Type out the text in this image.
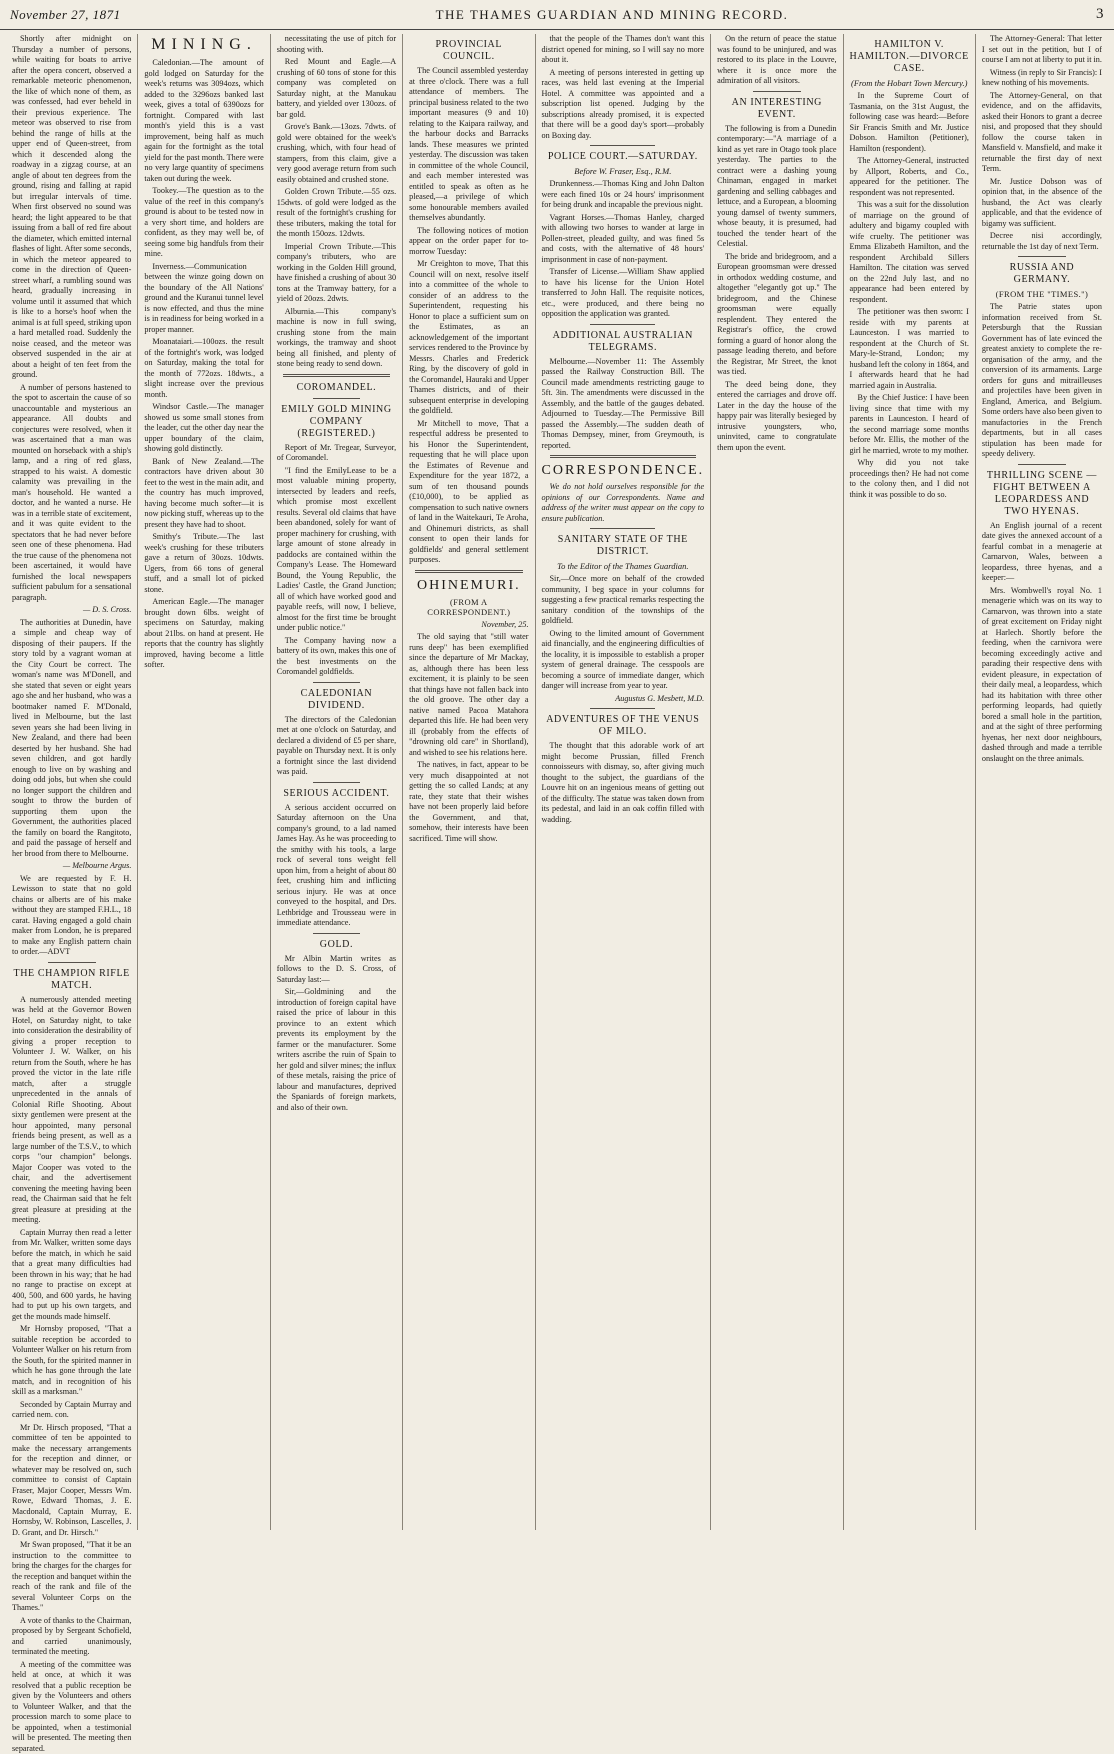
November 27, 1871	THE THAMES GUARDIAN AND MINING RECORD.	3

Shortly after midnight on Thursday a number of persons, while waiting for boats to arrive after the opera concert, observed a remarkable meteoric phenomenon, the like of which none of them, as was confessed, had ever beheld in their previous experience. The meteor was observed to rise from behind the range of hills at the upper end of Queen-street, from which it descended along the roadway in a zigzag course, at an angle of about ten degrees from the ground, rising and falling at rapid but irregular intervals of time. When first observed no sound was heard; the light appeared to be that issuing from a ball of red fire about the diameter, which emitted internal flashes of light. After some seconds, in which the meteor appeared to come in the direction of Queen-street wharf, a rumbling sound was heard, gradually increasing in volume until it assumed that which is like to a horse's hoof when the animal is at full speed, striking upon a hard metalled road. Suddenly the noise ceased, and the meteor was observed suspended in the air at about a height of ten feet from the ground.

A number of persons hastened to the spot to ascertain the cause of so unaccountable and mysterious an appearance. All doubts and conjectures were resolved, when it was ascertained that a man was mounted on horseback with a ship's lamp, and a ring of red glass, strapped to his waist. A domestic calamity was prevailing in the man's household. He wanted a doctor, and he wanted a nurse. He was in a terrible state of excitement, and it was quite evident to the spectators that he had never before seen one of these phenomena. Had the true cause of the phenomena not been ascertained, it would have furnished the local newspapers sufficient pabulum for a sensational paragraph.

— D. S. Cross.

The authorities at Dunedin, have a simple and cheap way of disposing of their paupers. If the story told by a vagrant woman at the City Court be correct. The woman's name was M'Donell, and she stated that seven or eight years ago she and her husband, who was a bootmaker named F. M'Donald, lived in Melbourne, but the last seven years she had been living in New Zealand, and there had been deserted by her husband. She had seven children, and got hardly enough to live on by washing and doing odd jobs, but when she could no longer support the children and sought to throw the burden of supporting them upon the Government, the authorities placed the family on board the Rangitoto, and paid the passage of herself and her brood from there to Melbourne.

— Melbourne Argus.

We are requested by F. H. Lewisson to state that no gold chains or alberts are of his make without they are stamped F.H.L., 18 carat. Having engaged a gold chain maker from London, he is prepared to make any English pattern chain to order.—ADVT

THE CHAMPION RIFLE MATCH.

A numerously attended meeting was held at the Governor Bowen Hotel, on Saturday night, to take into consideration the desirability of giving a proper reception to Volunteer J. W. Walker, on his return from the South, where he has proved the victor in the late rifle match, after a struggle unprecedented in the annals of Colonial Rifle Shooting. About sixty gentlemen were present at the hour appointed, many personal friends being present, as well as a large number of the T.S.V., to which corps "our champion" belongs. Major Cooper was voted to the chair, and the advertisement convening the meeting having been read, the Chairman said that he felt great pleasure at presiding at the meeting.

Captain Murray then read a letter from Mr. Walker, written some days before the match, in which he said that a great many difficulties had been thrown in his way; that he had no range to practise on except at 400, 500, and 600 yards, he having had to put up his own targets, and get the mounds made himself.

Mr Hornsby proposed, "That a suitable reception be accorded to Volunteer Walker on his return from the South, for the spirited manner in which he has gone through the late match, and in recognition of his skill as a marksman."

Seconded by Captain Murray and carried nem. con.

Mr Dr. Hirsch proposed, "That a committee of ten be appointed to make the necessary arrangements for the reception and dinner, or whatever may be resolved on, such committee to consist of Captain Fraser, Major Cooper, Messrs Wm. Rowe, Edward Thomas, J. E. Macdonald, Captain Murray, E. Hornsby, W. Robinson, Lascelles, J. D. Grant, and Dr. Hirsch."

Mr Swan proposed, "That it be an instruction to the committee to bring the charges for the charges for the reception and banquet within the reach of the rank and file of the several Volunteer Corps on the Thames."

A vote of thanks to the Chairman, proposed by by Sergeant Schofield, and carried unanimously, terminated the meeting.

A meeting of the committee was held at once, at which it was resolved that a public reception be given by the Volunteers and others to Volunteer Walker, and that the procession march to some place to be appointed, when a testimonial will be presented. The meeting then separated.

MINING.

Caledonian.—The amount of gold lodged on Saturday for the week's returns was 3094ozs, which added to the 3296ozs banked last week, gives a total of 6390ozs for fortnight. Compared with last month's yield this is a vast improvement, being half as much again for the fortnight as the total yield for the past month. There were no very large quantity of specimens taken out during the week.

Tookey.—The question as to the value of the reef in this company's ground is about to be tested now in a very short time, and holders are confident, as they may well be, of seeing some big handfuls from their mine.

Inverness.—Communication between the winze going down on the boundary of the All Nations' ground and the Kuranui tunnel level is now effected, and thus the mine is in readiness for being worked in a proper manner.

Moanataiari.—100ozs. the result of the fortnight's work, was lodged on Saturday, making the total for the month of 772ozs. 18dwts., a slight increase over the previous month.

Windsor Castle.—The manager showed us some small stones from the leader, cut the other day near the upper boundary of the claim, showing gold distinctly.

Bank of New Zealand.—The contractors have driven about 30 feet to the west in the main adit, and the country has much improved, having become much softer—it is now picking stuff, whereas up to the present they have had to shoot.

Smithy's Tribute.—The last week's crushing for these tributers gave a return of 30ozs. 10dwts. Ugers, from 66 tons of general stuff, and a small lot of picked stone.

American Eagle.—The manager brought down 6lbs. weight of specimens on Saturday, making about 21lbs. on hand at present. He reports that the country has slightly improved, having become a little softer.

necessitating the use of pitch for shooting with.

Red Mount and Eagle.—A crushing of 60 tons of stone for this company was completed on Saturday night, at the Manukau battery, and yielded over 130ozs. of bar gold.

Grove's Bank.—13ozs. 7dwts. of gold were obtained for the week's crushing, which, with four head of stampers, from this claim, give a very good average return from such easily obtained and crushed stone.

Golden Crown Tribute.—55 ozs. 15dwts. of gold were lodged as the result of the fortnight's crushing for these tributers, making the total for the month 150ozs. 12dwts.

Imperial Crown Tribute.—This company's tributers, who are working in the Golden Hill ground, have finished a crushing of about 30 tons at the Tramway battery, for a yield of 20ozs. 2dwts.

Alburnia.—This company's machine is now in full swing, crushing stone from the main workings, the tramway and shoot being all finished, and plenty of stone being ready to send down.

COROMANDEL.
EMILY GOLD MINING COMPANY (REGISTERED.)

Report of Mr. Tregear, Surveyor, of Coromandel.

"I find the EmilyLease to be a most valuable mining property, intersected by leaders and reefs, which promise most excellent results. Several old claims that have been abandoned, solely for want of proper machinery for crushing, with large amount of stone already in paddocks are contained within the Company's Lease. The Homeward Bound, the Young Republic, the Ladies' Castle, the Grand Junction; all of which have worked good and payable reefs, will now, I believe, almost for the first time be brought under public notice."

The Company having now a battery of its own, makes this one of the best investments on the Coromandel goldfields.

CALEDONIAN DIVIDEND.

The directors of the Caledonian met at one o'clock on Saturday, and declared a dividend of £5 per share, payable on Thursday next. It is only a fortnight since the last dividend was paid.

SERIOUS ACCIDENT.

A serious accident occurred on Saturday afternoon on the Una company's ground, to a lad named James Hay. As he was proceeding to the smithy with his tools, a large rock of several tons weight fell upon him, from a height of about 80 feet, crushing him and inflicting serious injury. He was at once conveyed to the hospital, and Drs. Lethbridge and Trousseau were in immediate attendance.

GOLD.

Mr Albin Martin writes as follows to the D. S. Cross, of Saturday last:—

Sir,—Goldmining and the introduction of foreign capital have raised the price of labour in this province to an extent which prevents its employment by the farmer or the manufacturer. Some writers ascribe the ruin of Spain to her gold and silver mines; the influx of these metals, raising the price of labour and manufactures, deprived the Spaniards of foreign markets, and also of their own.

PROVINCIAL COUNCIL.

The Council assembled yesterday at three o'clock. There was a full attendance of members. The principal business related to the two important measures (9 and 10) relating to the Kaipara railway, and the harbour docks and Barracks lands. These measures we printed yesterday. The discussion was taken in committee of the whole Council, and each member interested was entitled to speak as often as he pleased,—a privilege of which some honourable members availed themselves abundantly.

The following notices of motion appear on the order paper for to-morrow Tuesday:

Mr Creighton to move, That this Council will on next, resolve itself into a committee of the whole to consider of an address to the Superintendent, requesting his Honor to place a sufficient sum on the Estimates, as an acknowledgement of the important services rendered to the Province by Messrs. Charles and Frederick Ring, by the discovery of gold in the Coromandel, Hauraki and Upper Thames districts, and of their subsequent enterprise in developing the goldfield.

Mr Mitchell to move, That a respectful address be presented to his Honor the Superintendent, requesting that he will place upon the Estimates of Revenue and Expenditure for the year 1872, a sum of ten thousand pounds (£10,000), to be applied as compensation to such native owners of land in the Waitekauri, Te Aroha, and Ohinemuri districts, as shall consent to open their lands for goldfields' and general settlement purposes.

OHINEMURI.
(FROM A CORRESPONDENT.)

November, 25.

The old saying that "still water runs deep" has been exemplified since the departure of Mr Mackay, as, although there has been less excitement, it is plainly to be seen that things have not fallen back into the old groove. The other day a native named Pacoa Matahora departed this life. He had been very ill (probably from the effects of "drowning old care" in Shortland), and wished to see his relations here.

The natives, in fact, appear to be very much disappointed at not getting the so called Lands; at any rate, they state that their wishes have not been properly laid before the Government, and that, somehow, their interests have been sacrificed. Time will show.

that the people of the Thames don't want this district opened for mining, so I will say no more about it.

A meeting of persons interested in getting up races, was held last evening at the Imperial Hotel. A committee was appointed and a subscription list opened. Judging by the subscriptions already promised, it is expected that there will be a good day's sport—probably on Boxing day.

POLICE COURT.—SATURDAY.
Before W. Fraser, Esq., R.M.

Drunkenness.—Thomas King and John Dalton were each fined 10s or 24 hours' imprisonment for being drunk and incapable the previous night.

Vagrant Horses.—Thomas Hanley, charged with allowing two horses to wander at large in Pollen-street, pleaded guilty, and was fined 5s and costs, with the alternative of 48 hours' imprisonment in case of non-payment.

Transfer of License.—William Shaw applied to have his license for the Union Hotel transferred to John Hall. The requisite notices, etc., were produced, and there being no opposition the application was granted.

ADDITIONAL AUSTRALIAN TELEGRAMS.

Melbourne.—November 11: The Assembly passed the Railway Construction Bill. The Council made amendments restricting gauge to 5ft. 3in. The amendments were discussed in the Assembly, and the battle of the gauges debated. Adjourned to Tuesday.—The Permissive Bill passed the Assembly.—The sudden death of Thomas Dempsey, miner, from Greymouth, is reported.

CORRESPONDENCE.

We do not hold ourselves responsible for the opinions of our Correspondents. Name and address of the writer must appear on the copy to ensure publication.

SANITARY STATE OF THE DISTRICT.
To the Editor of the Thames Guardian.

Sir,—Once more on behalf of the crowded community, I beg space in your columns for suggesting a few practical remarks respecting the sanitary condition of the townships of the goldfield.

Owing to the limited amount of Government aid financially, and the engineering difficulties of the locality, it is impossible to establish a proper system of general drainage. The cesspools are becoming a source of immediate danger, which danger will increase from year to year.

Augustus G. Mesbett, M.D.

ADVENTURES OF THE VENUS OF MILO.

The thought that this adorable work of art might become Prussian, filled French connoisseurs with dismay, so, after giving much thought to the subject, the guardians of the Louvre hit on an ingenious means of getting out of the difficulty. The statue was taken down from its pedestal, and laid in an oak coffin filled with wadding.

On the return of peace the statue was found to be uninjured, and was restored to its place in the Louvre, where it is once more the admiration of all visitors.

AN INTERESTING EVENT.

The following is from a Dunedin contemporary:—"A marriage of a kind as yet rare in Otago took place yesterday. The parties to the contract were a dashing young Chinaman, engaged in market gardening and selling cabbages and lettuce, and a European, a blooming young damsel of twenty summers, whose beauty, it is presumed, had touched the tender heart of the Celestial.

The bride and bridegroom, and a European groomsman were dressed in orthodox wedding costume, and altogether "elegantly got up." The bridegroom, and the Chinese groomsman were equally resplendent. They entered the Registrar's office, the crowd forming a guard of honor along the passage leading thereto, and before the Registrar, Mr Street, the knot was tied.

The deed being done, they entered the carriages and drove off. Later in the day the house of the happy pair was literally besieged by intrusive youngsters, who, uninvited, came to congratulate them upon the event.

HAMILTON V. HAMILTON.—DIVORCE CASE.
(From the Hobart Town Mercury.)

In the Supreme Court of Tasmania, on the 31st August, the following case was heard:—Before Sir Francis Smith and Mr. Justice Dobson. Hamilton (Petitioner), Hamilton (respondent).

The Attorney-General, instructed by Allport, Roberts, and Co., appeared for the petitioner. The respondent was not represented.

This was a suit for the dissolution of marriage on the ground of adultery and bigamy coupled with wife cruelty. The petitioner was Emma Elizabeth Hamilton, and the respondent Archibald Sillers Hamilton. The citation was served on the 22nd July last, and no appearance had been entered by respondent.

The petitioner was then sworn: I reside with my parents at Launceston. I was married to respondent at the Church of St. Mary-le-Strand, London; my husband left the colony in 1864, and I afterwards heard that he had married again in Australia.

By the Chief Justice: I have been living since that time with my parents in Launceston. I heard of the second marriage some months before Mr. Ellis, the mother of the girl he married, wrote to my mother.

Why did you not take proceedings then? He had not come to the colony then, and I did not think it was possible to do so.

The Attorney-General: That letter I set out in the petition, but I of course I am not at liberty to put it in.

Witness (in reply to Sir Francis): I knew nothing of his movements.

The Attorney-General, on that evidence, and on the affidavits, asked their Honors to grant a decree nisi, and proposed that they should follow the course taken in Mansfield v. Mansfield, and make it returnable the first day of next Term.

Mr. Justice Dobson was of opinion that, in the absence of the husband, the Act was clearly applicable, and that the evidence of bigamy was sufficient.

Decree nisi accordingly, returnable the 1st day of next Term.

RUSSIA AND GERMANY.
(FROM THE "TIMES.")

The Patrie states upon information received from St. Petersburgh that the Russian Government has of late evinced the greatest anxiety to complete the re-organisation of the army, and the conversion of its armaments. Large orders for guns and mitrailleuses and projectiles have been given in England, America, and Belgium. Some orders have also been given to manufactories in the French departments, but in all cases stipulation has been made for speedy delivery.

THRILLING SCENE — FIGHT BETWEEN A LEOPARDESS AND TWO HYENAS.

An English journal of a recent date gives the annexed account of a fearful combat in a menagerie at Carnarvon, Wales, between a leopardess, three hyenas, and a keeper:—

Mrs. Wombwell's royal No. 1 menagerie which was on its way to Carnarvon, was thrown into a state of great excitement on Friday night at Harlech. Shortly before the feeding, when the carnivora were becoming exceedingly active and parading their respective dens with evident pleasure, in expectation of their daily meal, a leopardess, which had its habitation with three other performing leopards, had quietly bored a small hole in the partition, and at the sight of three performing hyenas, her next door neighbours, dashed through and made a terrible onslaught on the three animals.
